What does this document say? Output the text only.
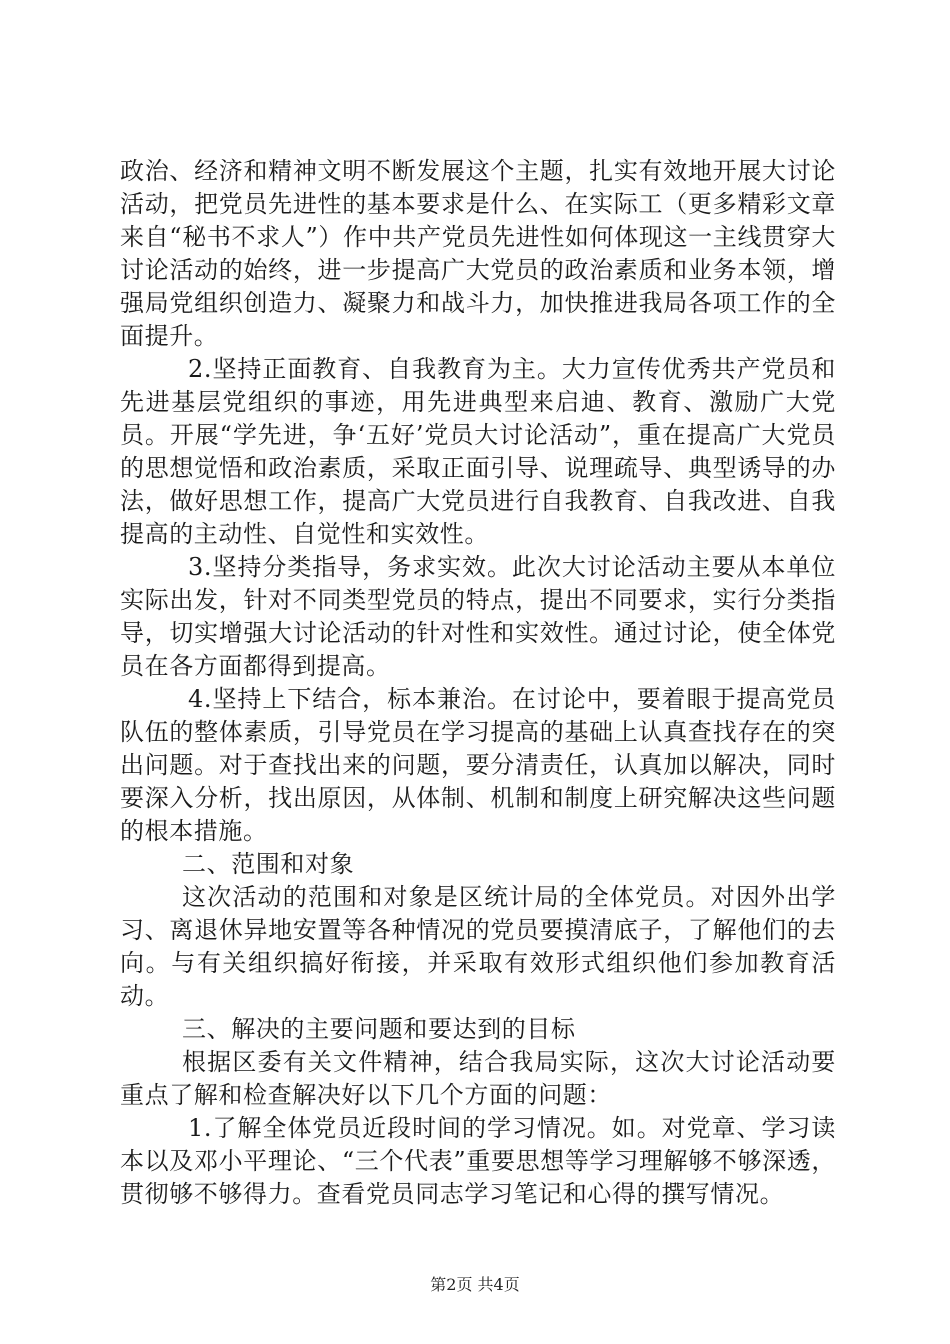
政治、经济和精神文明不断发展这个主题，扎实有效地开展大讨论活动，把党员先进性的基本要求是什么、在实际工（更多精彩文章来自“秘书不求人”）作中共产党员先进性如何体现这一主线贯穿大讨论活动的始终，进一步提高广大党员的政治素质和业务本领，增强局党组织创造力、凝聚力和战斗力，加快推进我局各项工作的全面提升。

2.坚持正面教育、自我教育为主。大力宣传优秀共产党员和先进基层党组织的事迹，用先进典型来启迪、教育、激励广大党员。开展“学先进，争‘五好’党员大讨论活动”，重在提高广大党员的思想觉悟和政治素质，采取正面引导、说理疏导、典型诱导的办法，做好思想工作，提高广大党员进行自我教育、自我改进、自我提高的主动性、自觉性和实效性。

3.坚持分类指导，务求实效。此次大讨论活动主要从本单位实际出发，针对不同类型党员的特点，提出不同要求，实行分类指导，切实增强大讨论活动的针对性和实效性。通过讨论，使全体党员在各方面都得到提高。

4.坚持上下结合，标本兼治。在讨论中，要着眼于提高党员队伍的整体素质，引导党员在学习提高的基础上认真查找存在的突出问题。对于查找出来的问题，要分清责任，认真加以解决，同时要深入分析，找出原因，从体制、机制和制度上研究解决这些问题的根本措施。

二、范围和对象

这次活动的范围和对象是区统计局的全体党员。对因外出学习、离退休异地安置等各种情况的党员要摸清底子，了解他们的去向。与有关组织搞好衔接，并采取有效形式组织他们参加教育活动。

三、解决的主要问题和要达到的目标

根据区委有关文件精神，结合我局实际，这次大讨论活动要重点了解和检查解决好以下几个方面的问题：

1.了解全体党员近段时间的学习情况。如。对党章、学习读本以及邓小平理论、“三个代表”重要思想等学习理解够不够深透，贯彻够不够得力。查看党员同志学习笔记和心得的撰写情况。

第2页 共4页
